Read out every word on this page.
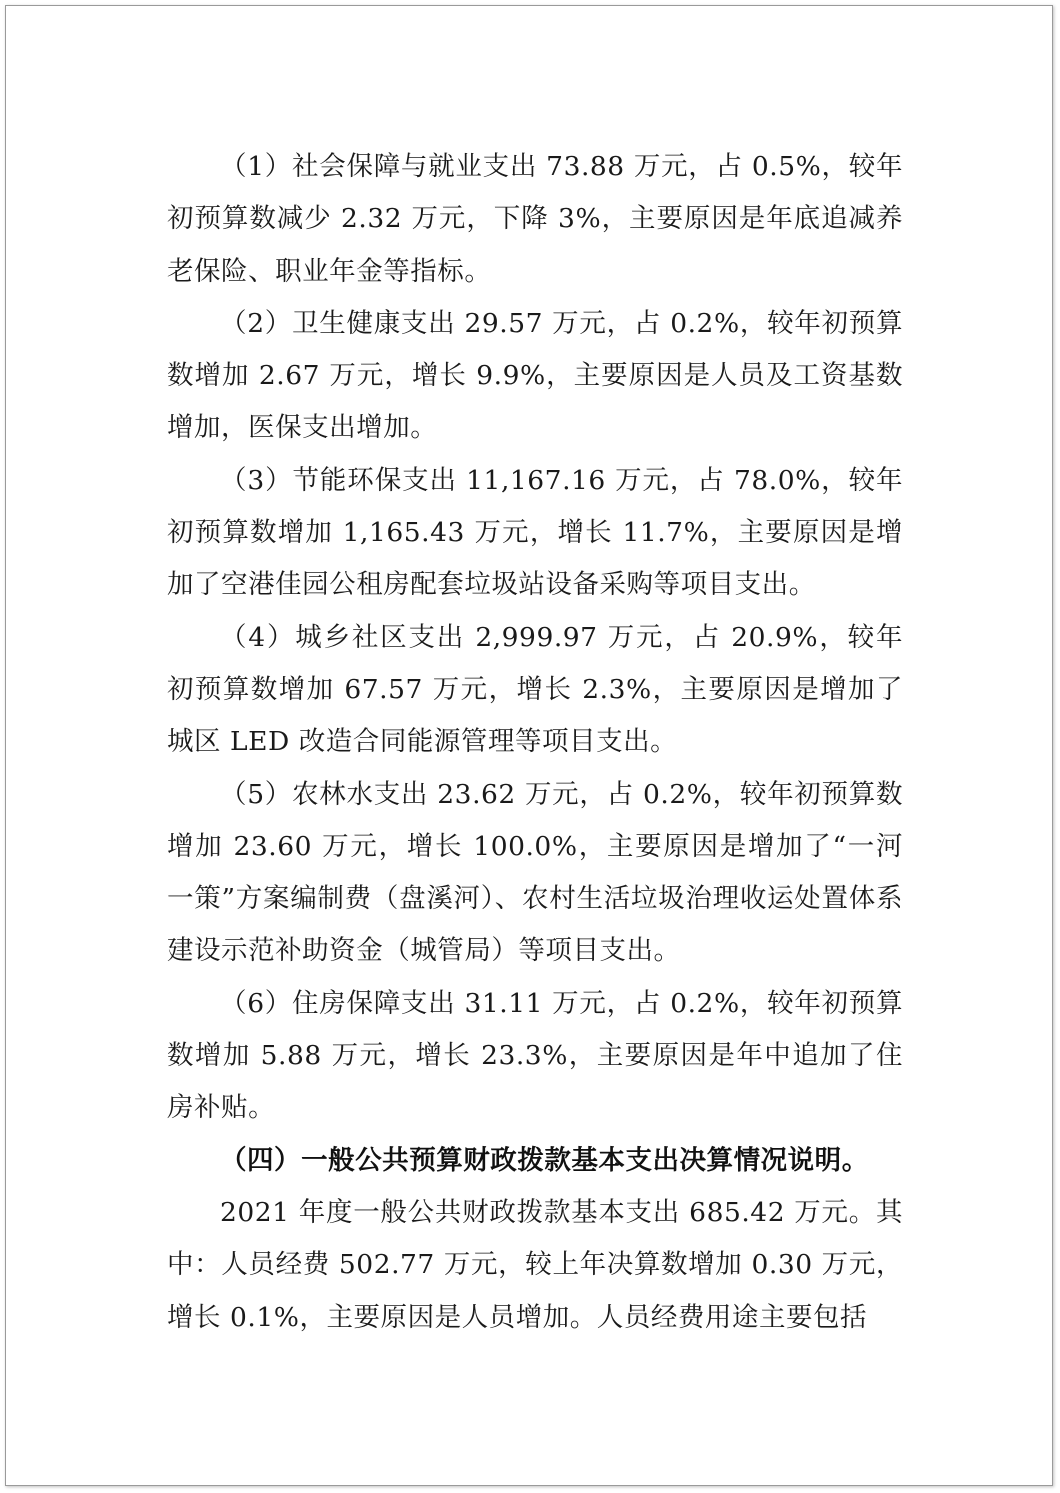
（1）社会保障与就业支出 73.88 万元，占 0.5%，较年初预算数减少 2.32 万元，下降 3%，主要原因是年底追减养老保险、职业年金等指标。

（2）卫生健康支出 29.57 万元，占 0.2%，较年初预算数增加 2.67 万元，增长 9.9%，主要原因是人员及工资基数增加，医保支出增加。

（3）节能环保支出 11,167.16 万元，占 78.0%，较年初预算数增加 1,165.43 万元，增长 11.7%，主要原因是增加了空港佳园公租房配套垃圾站设备采购等项目支出。

（4）城乡社区支出 2,999.97 万元，占 20.9%，较年初预算数增加 67.57 万元，增长 2.3%，主要原因是增加了城区 LED 改造合同能源管理等项目支出。

（5）农林水支出 23.62 万元，占 0.2%，较年初预算数增加 23.60 万元，增长 100.0%，主要原因是增加了“一河一策”方案编制费（盘溪河）、农村生活垃圾治理收运处置体系建设示范补助资金（城管局）等项目支出。

（6）住房保障支出 31.11 万元，占 0.2%，较年初预算数增加 5.88 万元，增长 23.3%，主要原因是年中追加了住房补贴。

（四）一般公共预算财政拨款基本支出决算情况说明。

2021 年度一般公共财政拨款基本支出 685.42 万元。其中：人员经费 502.77 万元，较上年决算数增加 0.30 万元，增长 0.1%，主要原因是人员增加。人员经费用途主要包括
